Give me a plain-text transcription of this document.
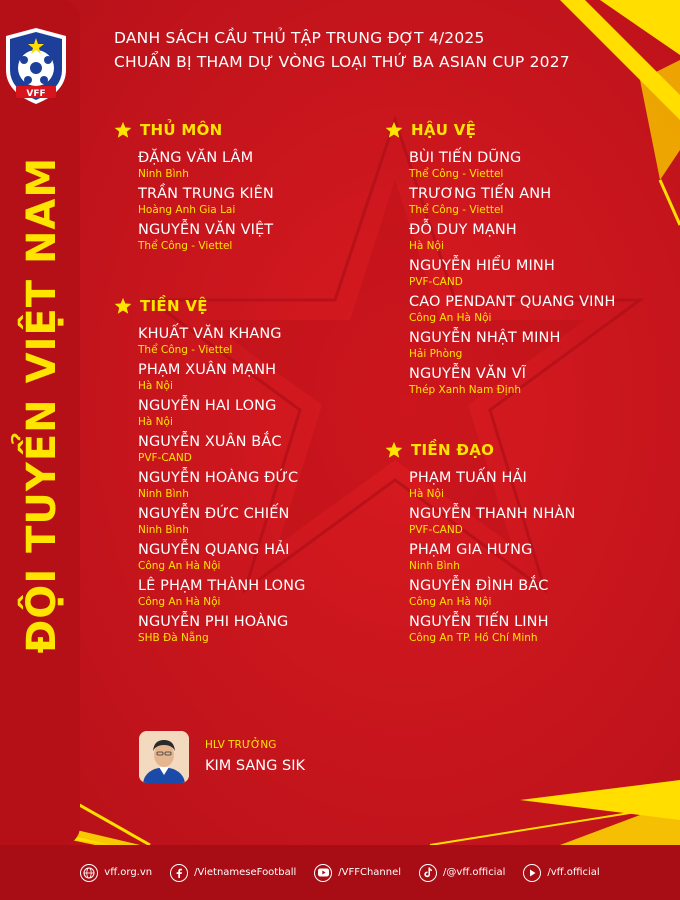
VFF
ĐỘI TUYỂN VIỆT NAM
DANH SÁCH CẦU THỦ TẬP TRUNG ĐỢT 4/2025
CHUẨN BỊ THAM DỰ VÒNG LOẠI THỨ BA ASIAN CUP 2027
THỦ MÔN
ĐẶNG VĂN LÂM
Ninh Bình
TRẦN TRUNG KIÊN
Hoàng Anh Gia Lai
NGUYỄN VĂN VIỆT
Thể Công - Viettel
TIỀN VỆ
KHUẤT VĂN KHANG
Thể Công - Viettel
PHẠM XUÂN MẠNH
Hà Nội
NGUYỄN HAI LONG
Hà Nội
NGUYỄN XUÂN BẮC
PVF-CAND
NGUYỄN HOÀNG ĐỨC
Ninh Bình
NGUYỄN ĐỨC CHIẾN
Ninh Bình
NGUYỄN QUANG HẢI
Công An Hà Nội
LÊ PHẠM THÀNH LONG
Công An Hà Nội
NGUYỄN PHI HOÀNG
SHB Đà Nẵng
HẬU VỆ
BÙI TIẾN DŨNG
Thể Công - Viettel
TRƯƠNG TIẾN ANH
Thể Công - Viettel
ĐỖ DUY MẠNH
Hà Nội
NGUYỄN HIỂU MINH
PVF-CAND
CAO PENDANT QUANG VINH
Công An Hà Nội
NGUYỄN NHẬT MINH
Hải Phòng
NGUYỄN VĂN VĨ
Thép Xanh Nam Định
TIỀN ĐẠO
PHẠM TUẤN HẢI
Hà Nội
NGUYỄN THANH NHÀN
PVF-CAND
PHẠM GIA HƯNG
Ninh Bình
NGUYỄN ĐÌNH BẮC
Công An Hà Nội
NGUYỄN TIẾN LINH
Công An TP. Hồ Chí Minh
HLV TRƯỞNG
KIM SANG SIK
vff.org.vn	/VietnameseFootball	/VFFChannel	/@vff.official	/vff.official
